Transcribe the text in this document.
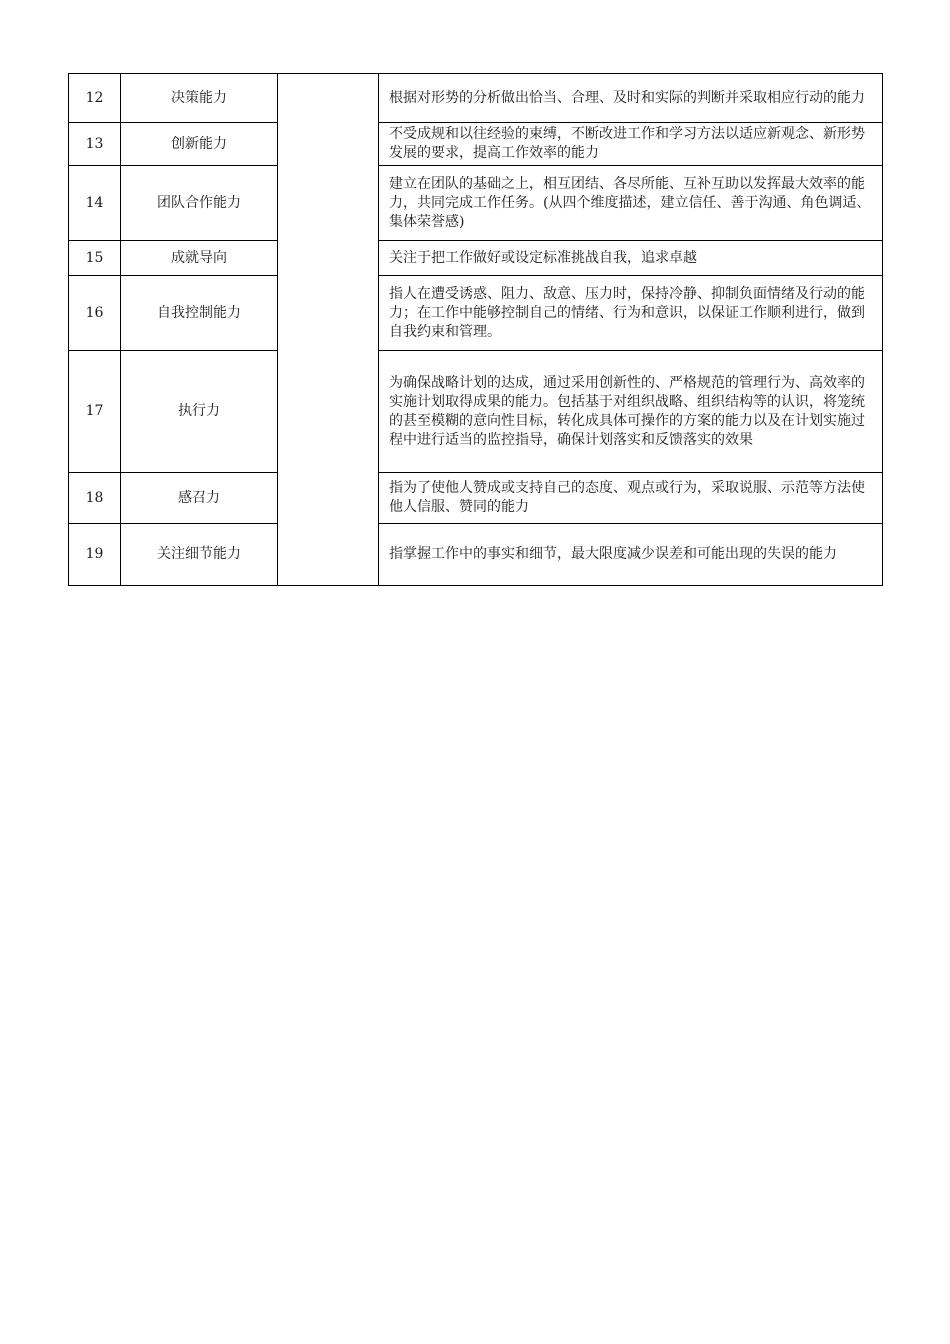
12	决策能力		根据对形势的分析做出恰当、合理、及时和实际的判断并采取相应行动的能力
13	创新能力		不受成规和以往经验的束缚，不断改进工作和学习方法以适应新观念、新形势发展的要求，提高工作效率的能力
14	团队合作能力		建立在团队的基础之上，相互团结、各尽所能、互补互助以发挥最大效率的能力，共同完成工作任务。(从四个维度描述，建立信任、善于沟通、角色调适、集体荣誉感)
15	成就导向		关注于把工作做好或设定标准挑战自我，追求卓越
16	自我控制能力		指人在遭受诱惑、阻力、敌意、压力时，保持冷静、抑制负面情绪及行动的能力；在工作中能够控制自己的情绪、行为和意识，以保证工作顺利进行，做到自我约束和管理。
17	执行力		为确保战略计划的达成，通过采用创新性的、严格规范的管理行为、高效率的实施计划取得成果的能力。包括基于对组织战略、组织结构等的认识，将笼统的甚至模糊的意向性目标，转化成具体可操作的方案的能力以及在计划实施过程中进行适当的监控指导，确保计划落实和反馈落实的效果
18	感召力		指为了使他人赞成或支持自己的态度、观点或行为，采取说服、示范等方法使他人信服、赞同的能力
19	关注细节能力		指掌握工作中的事实和细节，最大限度减少误差和可能出现的失误的能力
